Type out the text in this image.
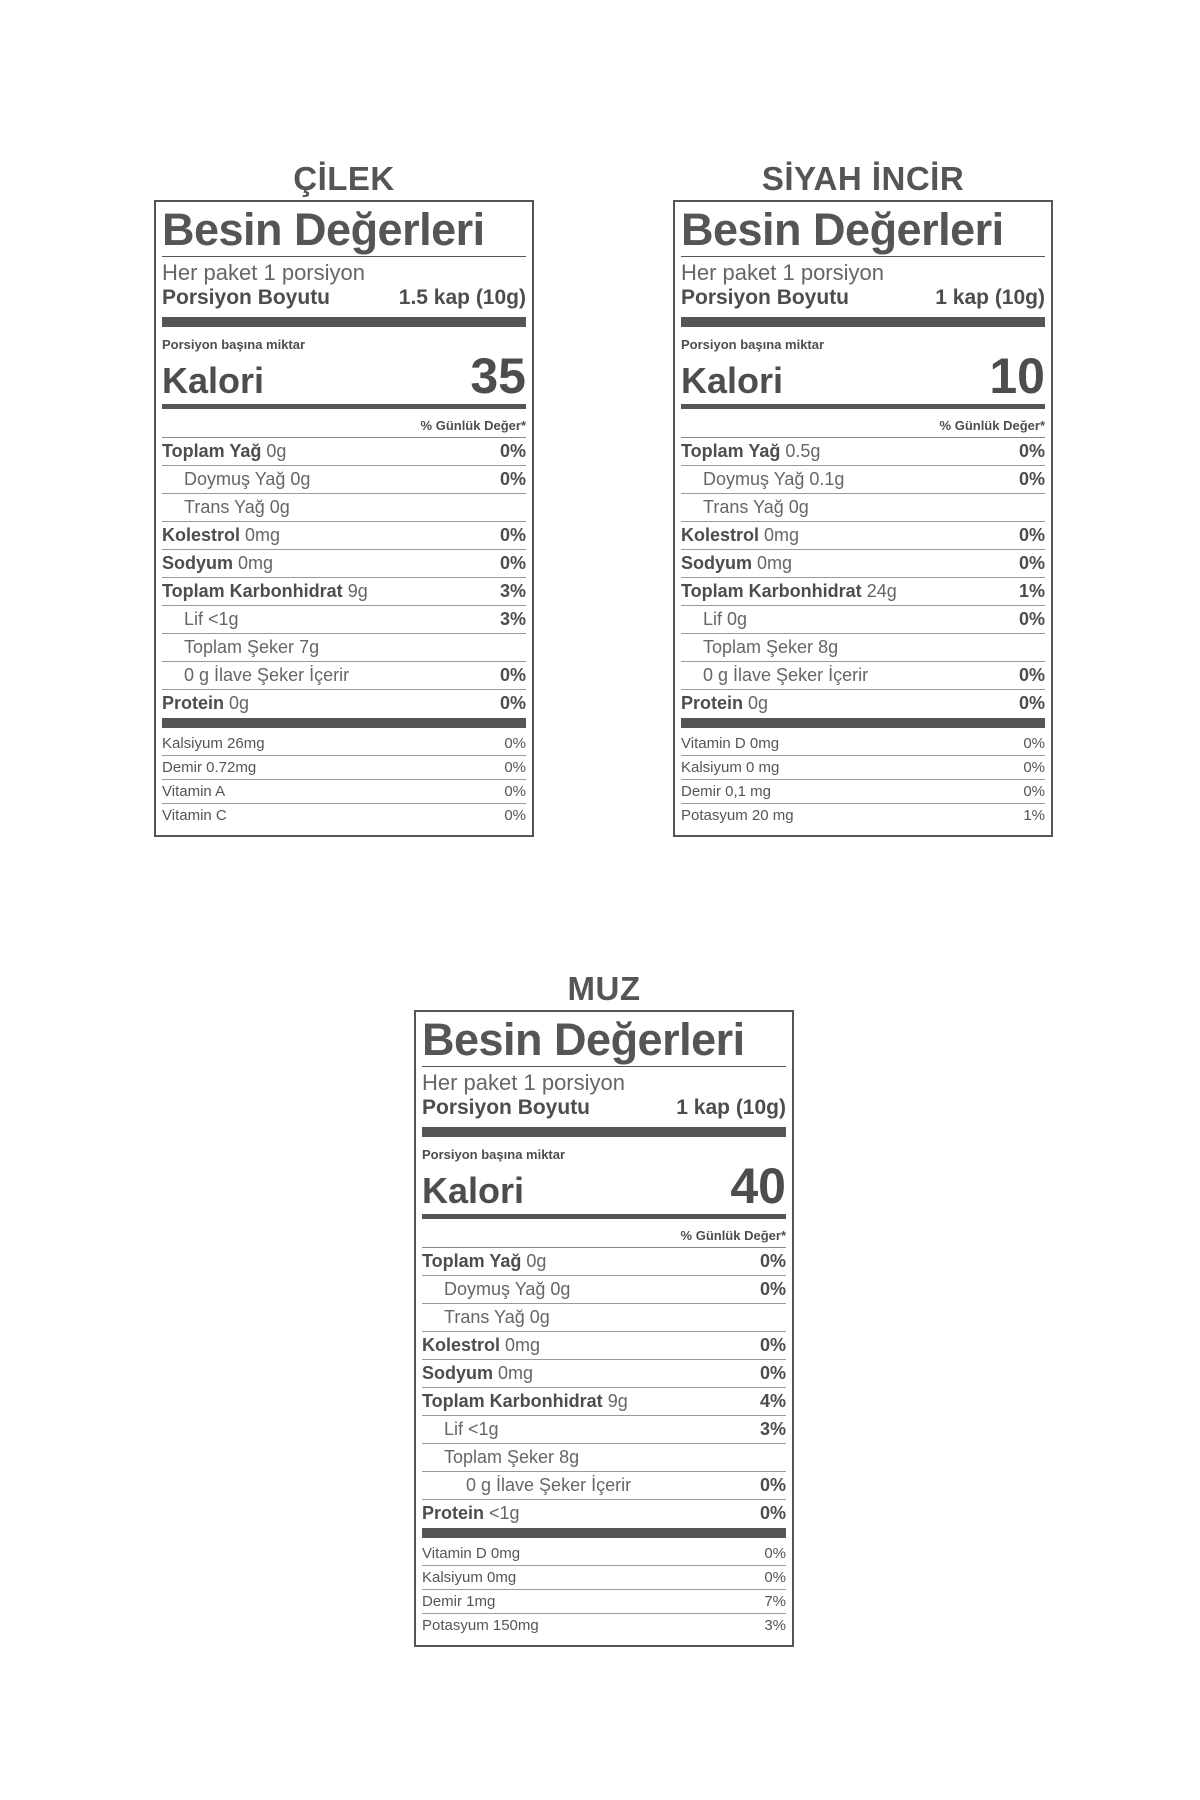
ÇİLEK
Besin Değerleri
Her paket 1 porsiyon
Porsiyon Boyutu	1.5 kap (10g)
Porsiyon başına miktar
Kalori	35
% Günlük Değer*
Toplam Yağ 0g	0%
Doymuş Yağ 0g	0%
Trans Yağ 0g
Kolestrol 0mg	0%
Sodyum 0mg	0%
Toplam Karbonhidrat 9g	3%
Lif <1g	3%
Toplam Şeker 7g
0 g İlave Şeker İçerir	0%
Protein 0g	0%
Kalsiyum 26mg	0%
Demir 0.72mg	0%
Vitamin A	0%
Vitamin C	0%
SİYAH İNCİR
Besin Değerleri
Her paket 1 porsiyon
Porsiyon Boyutu	1 kap (10g)
Porsiyon başına miktar
Kalori	10
% Günlük Değer*
Toplam Yağ 0.5g	0%
Doymuş Yağ 0.1g	0%
Trans Yağ 0g
Kolestrol 0mg	0%
Sodyum 0mg	0%
Toplam Karbonhidrat 24g	1%
Lif 0g	0%
Toplam Şeker 8g
0 g İlave Şeker İçerir	0%
Protein 0g	0%
Vitamin D 0mg	0%
Kalsiyum 0 mg	0%
Demir 0,1 mg	0%
Potasyum 20 mg	1%
MUZ
Besin Değerleri
Her paket 1 porsiyon
Porsiyon Boyutu	1 kap (10g)
Porsiyon başına miktar
Kalori	40
% Günlük Değer*
Toplam Yağ 0g	0%
Doymuş Yağ 0g	0%
Trans Yağ 0g
Kolestrol 0mg	0%
Sodyum 0mg	0%
Toplam Karbonhidrat 9g	4%
Lif <1g	3%
Toplam Şeker 8g
0 g İlave Şeker İçerir	0%
Protein <1g	0%
Vitamin D 0mg	0%
Kalsiyum 0mg	0%
Demir 1mg	7%
Potasyum 150mg	3%
